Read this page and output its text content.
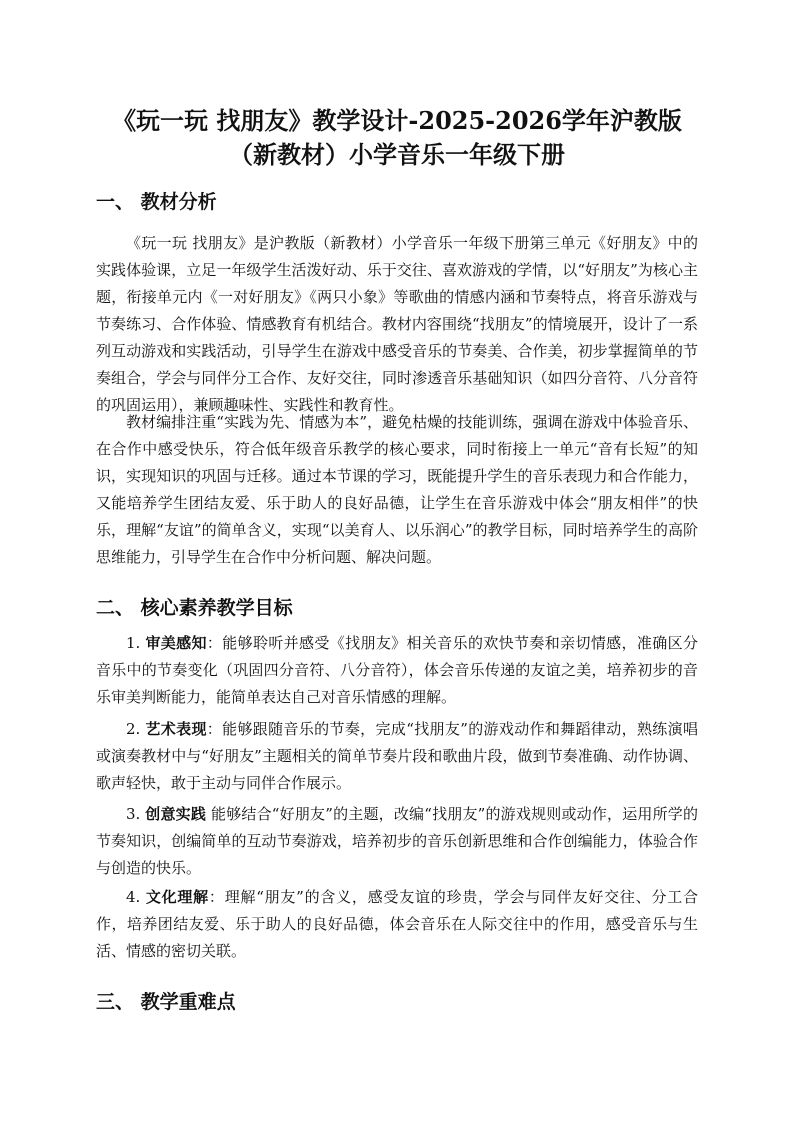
《玩一玩 找朋友》教学设计-2025-2026学年沪教版（新教材）小学音乐一年级下册
一、 教材分析

《玩一玩 找朋友》是沪教版（新教材）小学音乐一年级下册第三单元《好朋友》中的实践体验课，立足一年级学生活泼好动、乐于交往、喜欢游戏的学情，以“好朋友”为核心主题，衔接单元内《一对好朋友》《两只小象》等歌曲的情感内涵和节奏特点，将音乐游戏与节奏练习、合作体验、情感教育有机结合。教材内容围绕“找朋友”的情境展开，设计了一系列互动游戏和实践活动，引导学生在游戏中感受音乐的节奏美、合作美，初步掌握简单的节奏组合，学会与同伴分工合作、友好交往，同时渗透音乐基础知识（如四分音符、八分音符的巩固运用），兼顾趣味性、实践性和教育性。

教材编排注重“实践为先、情感为本”，避免枯燥的技能训练，强调在游戏中体验音乐、在合作中感受快乐，符合低年级音乐教学的核心要求，同时衔接上一单元“音有长短”的知识，实现知识的巩固与迁移。通过本节课的学习，既能提升学生的音乐表现力和合作能力，又能培养学生团结友爱、乐于助人的良好品德，让学生在音乐游戏中体会“朋友相伴”的快乐，理解“友谊”的简单含义，实现“以美育人、以乐润心”的教学目标，同时培养学生的高阶思维能力，引导学生在合作中分析问题、解决问题。

二、 核心素养教学目标

1. 审美感知：能够聆听并感受《找朋友》相关音乐的欢快节奏和亲切情感，准确区分音乐中的节奏变化（巩固四分音符、八分音符），体会音乐传递的友谊之美，培养初步的音乐审美判断能力，能简单表达自己对音乐情感的理解。

2. 艺术表现：能够跟随音乐的节奏，完成“找朋友”的游戏动作和舞蹈律动，熟练演唱或演奏教材中与“好朋友”主题相关的简单节奏片段和歌曲片段，做到节奏准确、动作协调、歌声轻快，敢于主动与同伴合作展示。

3. 创意实践 能够结合“好朋友”的主题，改编“找朋友”的游戏规则或动作，运用所学的节奏知识，创编简单的互动节奏游戏，培养初步的音乐创新思维和合作创编能力，体验合作与创造的快乐。

4. 文化理解：理解“朋友”的含义，感受友谊的珍贵，学会与同伴友好交往、分工合作，培养团结友爱、乐于助人的良好品德，体会音乐在人际交往中的作用，感受音乐与生活、情感的密切关联。

三、 教学重难点
